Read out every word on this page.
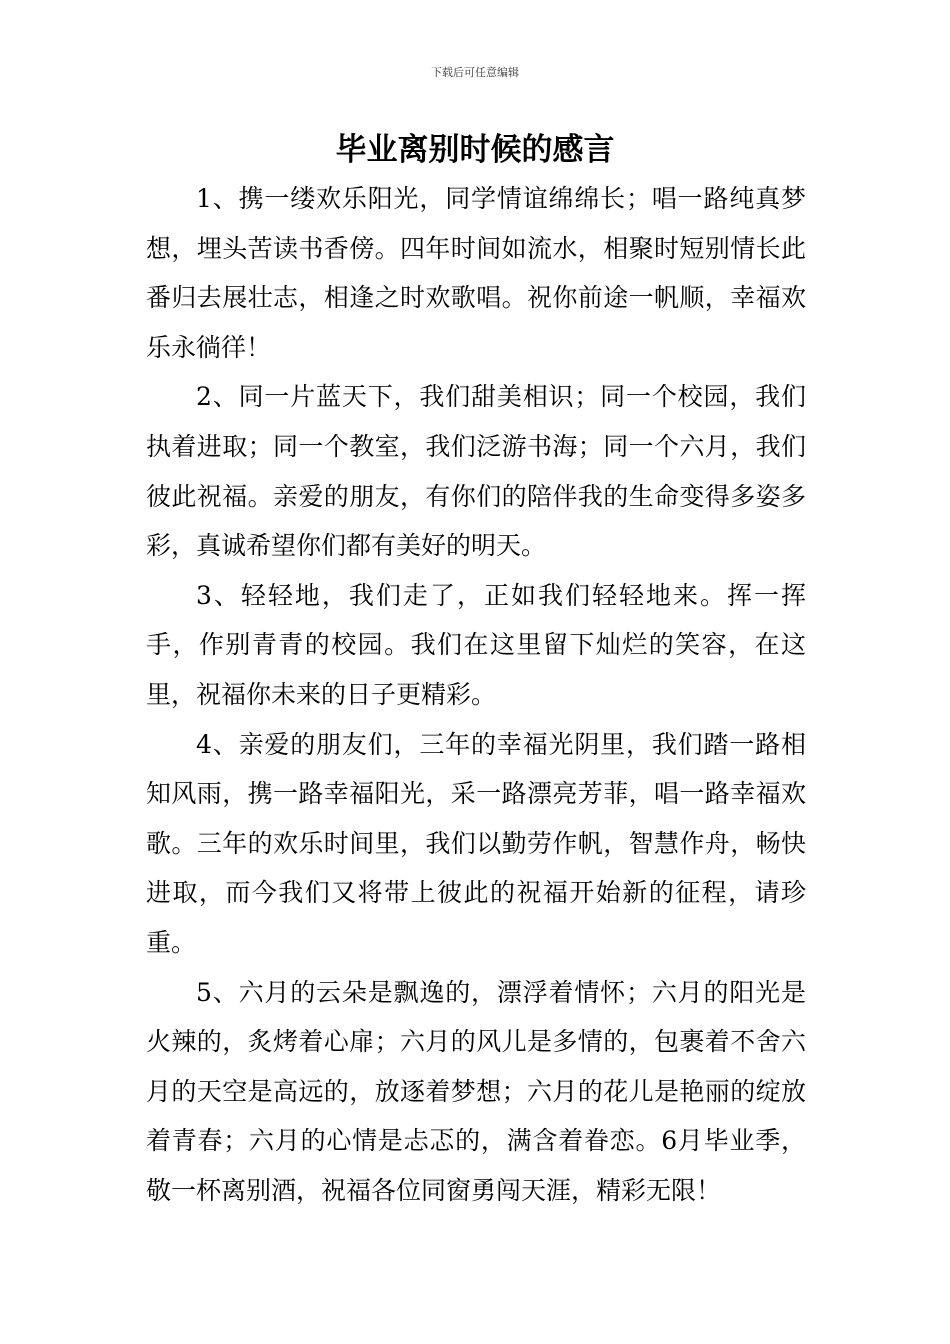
下载后可任意编辑
毕业离别时候的感言

1、携一缕欢乐阳光，同学情谊绵绵长；唱一路纯真梦想，埋头苦读书香傍。四年时间如流水，相聚时短别情长此番归去展壮志，相逢之时欢歌唱。祝你前途一帆顺，幸福欢乐永徜徉！

2、同一片蓝天下，我们甜美相识；同一个校园，我们执着进取；同一个教室，我们泛游书海；同一个六月，我们彼此祝福。亲爱的朋友，有你们的陪伴我的生命变得多姿多彩，真诚希望你们都有美好的明天。

3、轻轻地，我们走了，正如我们轻轻地来。挥一挥手，作别青青的校园。我们在这里留下灿烂的笑容，在这里，祝福你未来的日子更精彩。

4、亲爱的朋友们，三年的幸福光阴里，我们踏一路相知风雨，携一路幸福阳光，采一路漂亮芳菲，唱一路幸福欢歌。三年的欢乐时间里，我们以勤劳作帆，智慧作舟，畅快进取，而今我们又将带上彼此的祝福开始新的征程，请珍重。

5、六月的云朵是飘逸的，漂浮着情怀；六月的阳光是火辣的，炙烤着心扉；六月的风儿是多情的，包裹着不舍六月的天空是高远的，放逐着梦想；六月的花儿是艳丽的绽放着青春；六月的心情是忐忑的，满含着眷恋。6月毕业季，敬一杯离别酒，祝福各位同窗勇闯天涯，精彩无限！
